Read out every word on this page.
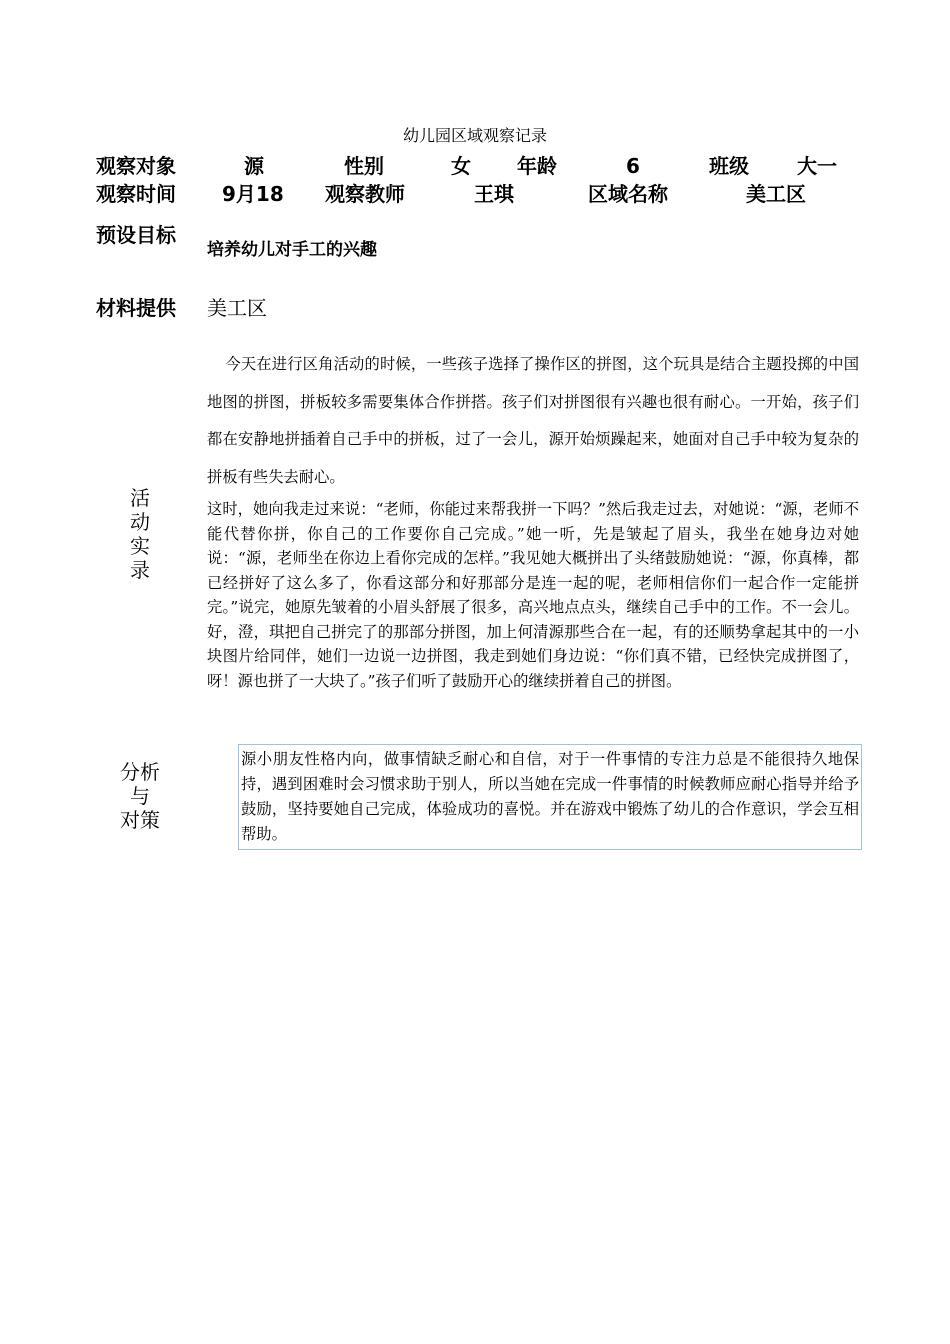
幼儿园区域观察记录
观察对象	源	性别	女 年龄	6	班级 大一
观察时间 9月18 观察教师	王琪	区域名称	美工区
预设目标
培养幼儿对手工的兴趣
材料提供 美工区
活
动
实
录

今天在进行区角活动的时候，一些孩子选择了操作区的拼图，这个玩具是结合主题投掷的中国地图的拼图，拼板较多需要集体合作拼搭。孩子们对拼图很有兴趣也很有耐心。一开始，孩子们都在安静地拼插着自己手中的拼板，过了一会儿，源开始烦躁起来，她面对自己手中较为复杂的拼板有些失去耐心。

这时，她向我走过来说：“老师，你能过来帮我拼一下吗？”然后我走过去，对她说：“源，老师不能代替你拼，你自己的工作要你自己完成。”她一听，先是皱起了眉头，我坐在她身边对她说：“源，老师坐在你边上看你完成的怎样。”我见她大概拼出了头绪鼓励她说：“源，你真棒，都已经拼好了这么多了，你看这部分和好那部分是连一起的呢，老师相信你们一起合作一定能拼完。”说完，她原先皱着的小眉头舒展了很多，高兴地点点头，继续自己手中的工作。不一会儿。好，澄，琪把自己拼完了的那部分拼图，加上何清源那些合在一起，有的还顺势拿起其中的一小块图片给同伴，她们一边说一边拼图，我走到她们身边说：“你们真不错，已经快完成拼图了，呀！源也拼了一大块了。”孩子们听了鼓励开心的继续拼着自己的拼图。

分析
与
对策
源小朋友性格内向，做事情缺乏耐心和自信，对于一件事情的专注力总是不能很持久地保持，遇到困难时会习惯求助于别人，所以当她在完成一件事情的时候教师应耐心指导并给予鼓励，坚持要她自己完成，体验成功的喜悦。并在游戏中锻炼了幼儿的合作意识，学会互相帮助。
